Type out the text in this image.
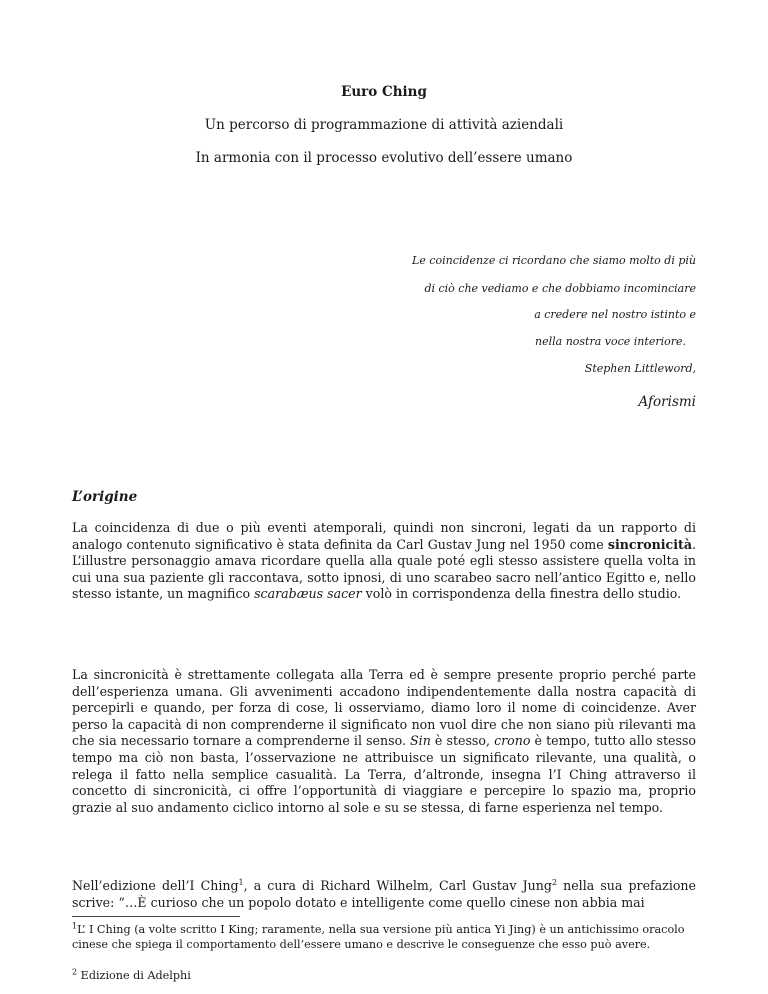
Euro Ching
Un percorso di programmazione di attività aziendali
In armonia con il processo evolutivo dell’essere umano
Le coincidenze ci ricordano che siamo molto di più
di ciò che vediamo e che dobbiamo incominciare
a credere nel nostro istinto e
nella nostra voce interiore.
Stephen Littleword,
Aforismi
L’origine

La coincidenza di due o più eventi atemporali, quindi non sincroni, legati da un rapporto di analogo contenuto significativo è stata definita da Carl Gustav Jung nel 1950 come sincronicità. L’illustre personaggio amava ricordare quella alla quale poté egli stesso assistere quella volta in cui una sua paziente gli raccontava, sotto ipnosi, di uno scarabeo sacro nell’antico Egitto e, nello stesso istante, un magnifico scarabæus sacer volò in corrispondenza della finestra dello studio.

La sincronicità è strettamente collegata alla Terra ed è sempre presente proprio perché parte dell’esperienza umana. Gli avvenimenti accadono indipendentemente dalla nostra capacità di percepirli e quando, per forza di cose, li osserviamo, diamo loro il nome di coincidenze. Aver perso la capacità di non comprenderne il significato non vuol dire che non siano più rilevanti ma che sia necessario tornare a comprenderne il senso. Sin è stesso, crono è tempo, tutto allo stesso tempo ma ciò non basta, l’osservazione ne attribuisce un significato rilevante, una qualità, o relega il fatto nella semplice casualità. La Terra, d’altronde, insegna l’I Ching attraverso il concetto di sincronicità, ci offre l’opportunità di viaggiare e percepire lo spazio ma, proprio grazie al suo andamento ciclico intorno al sole e su se stessa, di farne esperienza nel tempo.

Nell’edizione dell’I Ching$^1$, a cura di Richard Wilhelm, Carl Gustav Jung$^2$ nella sua prefazione scrive: “…È curioso che un popolo dotato e intelligente come quello cinese non abbia mai

$^1$L’ I Ching (a volte scritto I King; raramente, nella sua versione più antica Yi Jing) è un antichissimo oracolo cinese che spiega il comportamento dell’essere umano e descrive le conseguenze che esso può avere.

$^2$ Edizione di Adelphi
